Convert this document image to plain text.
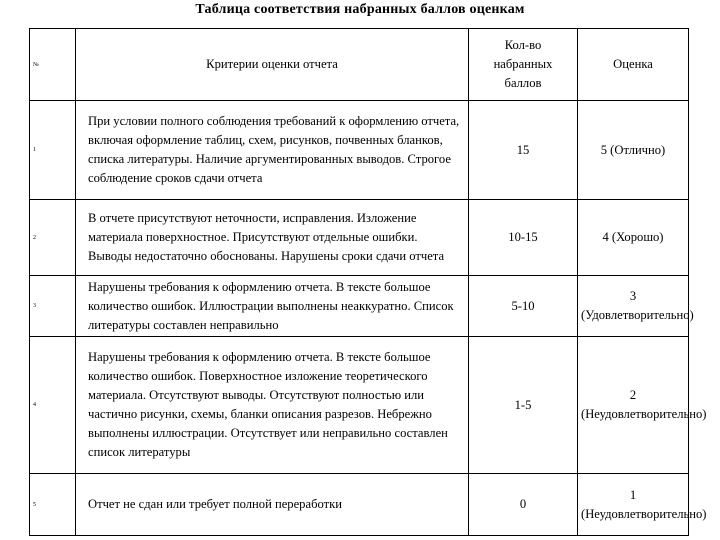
Таблица соответствия набранных баллов оценкам
№	Критерии оценки отчета	Кол-во набранных баллов	Оценка
1	При условии полного соблюдения требований к оформлению отчета, включая оформление таблиц, схем, рисунков, почвенных бланков, списка литературы. Наличие аргументированных выводов. Строгое соблюдение сроков сдачи отчета	15	5 (Отлично)
2	В отчете присутствуют неточности, исправления. Изложение материала поверхностное. Присутствуют отдельные ошибки. Выводы недостаточно обоснованы. Нарушены сроки сдачи отчета	10-15	4 (Хорошо)
3	Нарушены требования к оформлению отчета. В тексте большое количество ошибок. Иллюстрации выполнены неаккуратно. Список литературы составлен неправильно	5-10	3 (Удовлетворительно)
4	Нарушены требования к оформлению отчета. В тексте большое количество ошибок. Поверхностное изложение теоретического материала. Отсутствуют выводы. Отсутствуют полностью или частично рисунки, схемы, бланки описания разрезов. Небрежно выполнены иллюстрации. Отсутствует или неправильно составлен список литературы	1-5	2 (Неудовлетворительно)
5	Отчет не сдан или требует полной переработки	0	1 (Неудовлетворительно)
